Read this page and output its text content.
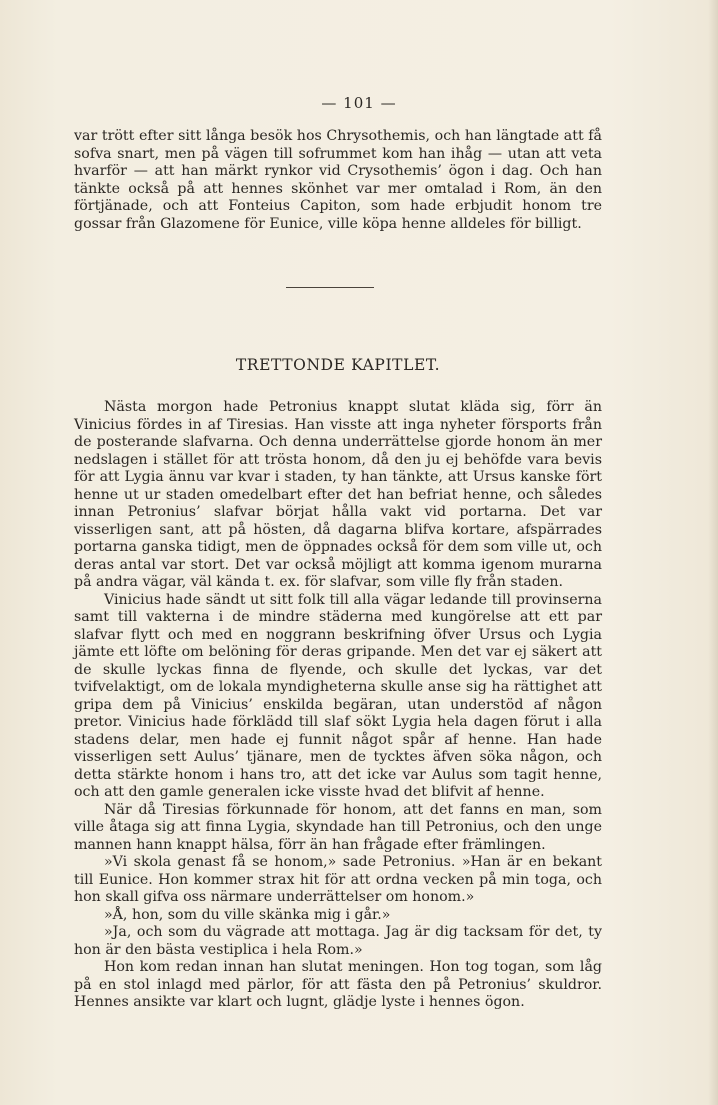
— 101 —

var trött efter sitt långa besök hos Chrysothemis, och han längtade att få sofva snart, men på vägen till sofrummet kom han ihåg — utan att veta hvarför — att han märkt rynkor vid Crysothemis’ ögon i dag. Och han tänkte också på att hennes skönhet var mer omtalad i Rom, än den förtjänade, och att Fonteius Capiton, som hade erbjudit honom tre gossar från Glazomene för Eunice, ville köpa henne alldeles för billigt.

TRETTONDE KAPITLET.

Nästa morgon hade Petronius knappt slutat kläda sig, förr än Vinicius fördes in af Tiresias. Han visste att inga nyheter försports från de posterande slafvarna. Och denna underrättelse gjorde honom än mer nedslagen i stället för att trösta honom, då den ju ej behöfde vara bevis för att Lygia ännu var kvar i staden, ty han tänkte, att Ursus kanske fört henne ut ur staden omedelbart efter det han befriat henne, och således innan Petronius’ slafvar börjat hålla vakt vid portarna. Det var visserligen sant, att på hösten, då dagarna blifva kortare, afspärrades portarna ganska tidigt, men de öppnades också för dem som ville ut, och deras antal var stort. Det var också möjligt att komma igenom murarna på andra vägar, väl kända t. ex. för slafvar, som ville fly från staden.

Vinicius hade sändt ut sitt folk till alla vägar ledande till provinserna samt till vakterna i de mindre städerna med kungörelse att ett par slafvar flytt och med en noggrann beskrifning öfver Ursus och Lygia jämte ett löfte om belöning för deras gripande. Men det var ej säkert att de skulle lyckas finna de flyende, och skulle det lyckas, var det tvifvelaktigt, om de lokala myndigheterna skulle anse sig ha rättighet att gripa dem på Vinicius’ enskilda begäran, utan understöd af någon pretor. Vinicius hade förklädd till slaf sökt Lygia hela dagen förut i alla stadens delar, men hade ej funnit något spår af henne. Han hade visserligen sett Aulus’ tjänare, men de tycktes äfven söka någon, och detta stärkte honom i hans tro, att det icke var Aulus som tagit henne, och att den gamle generalen icke visste hvad det blifvit af henne.

När då Tiresias förkunnade för honom, att det fanns en man, som ville åtaga sig att finna Lygia, skyndade han till Petronius, och den unge mannen hann knappt hälsa, förr än han frågade efter främlingen.

»Vi skola genast få se honom,» sade Petronius. »Han är en bekant till Eunice. Hon kommer strax hit för att ordna vecken på min toga, och hon skall gifva oss närmare underrättelser om honom.»

»Å, hon, som du ville skänka mig i går.»

»Ja, och som du vägrade att mottaga. Jag är dig tacksam för det, ty hon är den bästa vestiplica i hela Rom.»

Hon kom redan innan han slutat meningen. Hon tog togan, som låg på en stol inlagd med pärlor, för att fästa den på Petronius’ skuldror. Hennes ansikte var klart och lugnt, glädje lyste i hennes ögon.
